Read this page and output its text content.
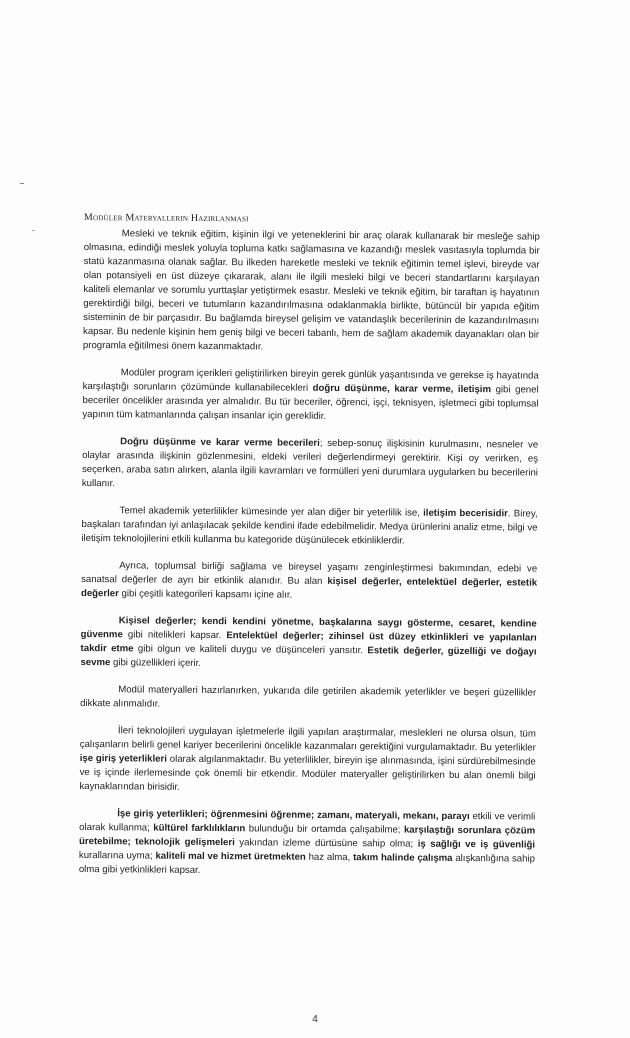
Modüler Materyallerin Hazırlanması

Mesleki ve teknik eğitim, kişinin ilgi ve yeteneklerini bir araç olarak kullanarak bir mesleğe sahip olmasına, edindiği meslek yoluyla topluma katkı sağlamasına ve kazandığı meslek vasıtasıyla toplumda bir statü kazanmasına olanak sağlar. Bu ilkeden hareketle mesleki ve teknik eğitimin temel işlevi, bireyde var olan potansiyeli en üst düzeye çıkararak, alanı ile ilgili mesleki bilgi ve beceri standartlarını karşılayan kaliteli elemanlar ve sorumlu yurttaşlar yetiştirmek esastır. Mesleki ve teknik eğitim, bir taraftan iş hayatının gerektirdiği bilgi, beceri ve tutumların kazandırılmasına odaklanmakla birlikte, bütüncül bir yapıda eğitim sisteminin de bir parçasıdır. Bu bağlamda bireysel gelişim ve vatandaşlık becerilerinin de kazandırılmasını kapsar. Bu nedenle kişinin hem geniş bilgi ve beceri tabanlı, hem de sağlam akademik dayanakları olan bir programla eğitilmesi önem kazanmaktadır.

Modüler program içerikleri geliştirilirken bireyin gerek günlük yaşantısında ve gerekse iş hayatında karşılaştığı sorunların çözümünde kullanabilecekleri doğru düşünme, karar verme, iletişim gibi genel beceriler öncelikler arasında yer almalıdır. Bu tür beceriler, öğrenci, işçi, teknisyen, işletmeci gibi toplumsal yapının tüm katmanlarında çalışan insanlar için gereklidir.

Doğru düşünme ve karar verme becerileri; sebep-sonuç ilişkisinin kurulmasını, nesneler ve olaylar arasında ilişkinin gözlenmesini, eldeki verileri değerlendirmeyi gerektirir. Kişi oy verirken, eş seçerken, araba satın alırken, alanla ilgili kavramları ve formülleri yeni durumlara uygularken bu becerilerini kullanır.

Temel akademik yeterlilikler kümesinde yer alan diğer bir yeterlilik ise, iletişim becerisidir. Birey, başkaları tarafından iyi anlaşılacak şekilde kendini ifade edebilmelidir. Medya ürünlerini analiz etme, bilgi ve iletişim teknolojilerini etkili kullanma bu kategoride düşünülecek etkinliklerdir.

Ayrıca, toplumsal birliği sağlama ve bireysel yaşamı zenginleştirmesi bakımından, edebi ve sanatsal değerler de ayrı bir etkinlik alanıdır. Bu alan kişisel değerler, entelektüel değerler, estetik değerler gibi çeşitli kategorileri kapsamı içine alır.

Kişisel değerler; kendi kendini yönetme, başkalarına saygı gösterme, cesaret, kendine güvenme gibi nitelikleri kapsar. Entelektüel değerler; zihinsel üst düzey etkinlikleri ve yapılanları takdir etme gibi olgun ve kaliteli duygu ve düşünceleri yansıtır. Estetik değerler, güzelliği ve doğayı sevme gibi güzellikleri içerir.

Modül materyalleri hazırlanırken, yukarıda dile getirilen akademik yeterlikler ve beşeri güzellikler dikkate alınmalıdır.

İleri teknolojileri uygulayan işletmelerle ilgili yapılan araştırmalar, meslekleri ne olursa olsun, tüm çalışanların belirli genel kariyer becerilerini öncelikle kazanmaları gerektiğini vurgulamaktadır. Bu yeterlikler işe giriş yeterlikleri olarak algılanmaktadır. Bu yeterlilikler, bireyin işe alınmasında, işini sürdürebilmesinde ve iş içinde ilerlemesinde çok önemli bir etkendir. Modüler materyaller geliştirilirken bu alan önemli bilgi kaynaklarından birisidir.

İşe giriş yeterlikleri; öğrenmesini öğrenme; zamanı, materyali, mekanı, parayı etkili ve verimli olarak kullanma; kültürel farklılıkların bulunduğu bir ortamda çalışabilme; karşılaştığı sorunlara çözüm üretebilme; teknolojik gelişmeleri yakından izleme dürtüsüne sahip olma; iş sağlığı ve iş güvenliği kurallarına uyma; kaliteli mal ve hizmet üretmekten haz alma, takım halinde çalışma alışkanlığına sahip olma gibi yetkinlikleri kapsar.

4
